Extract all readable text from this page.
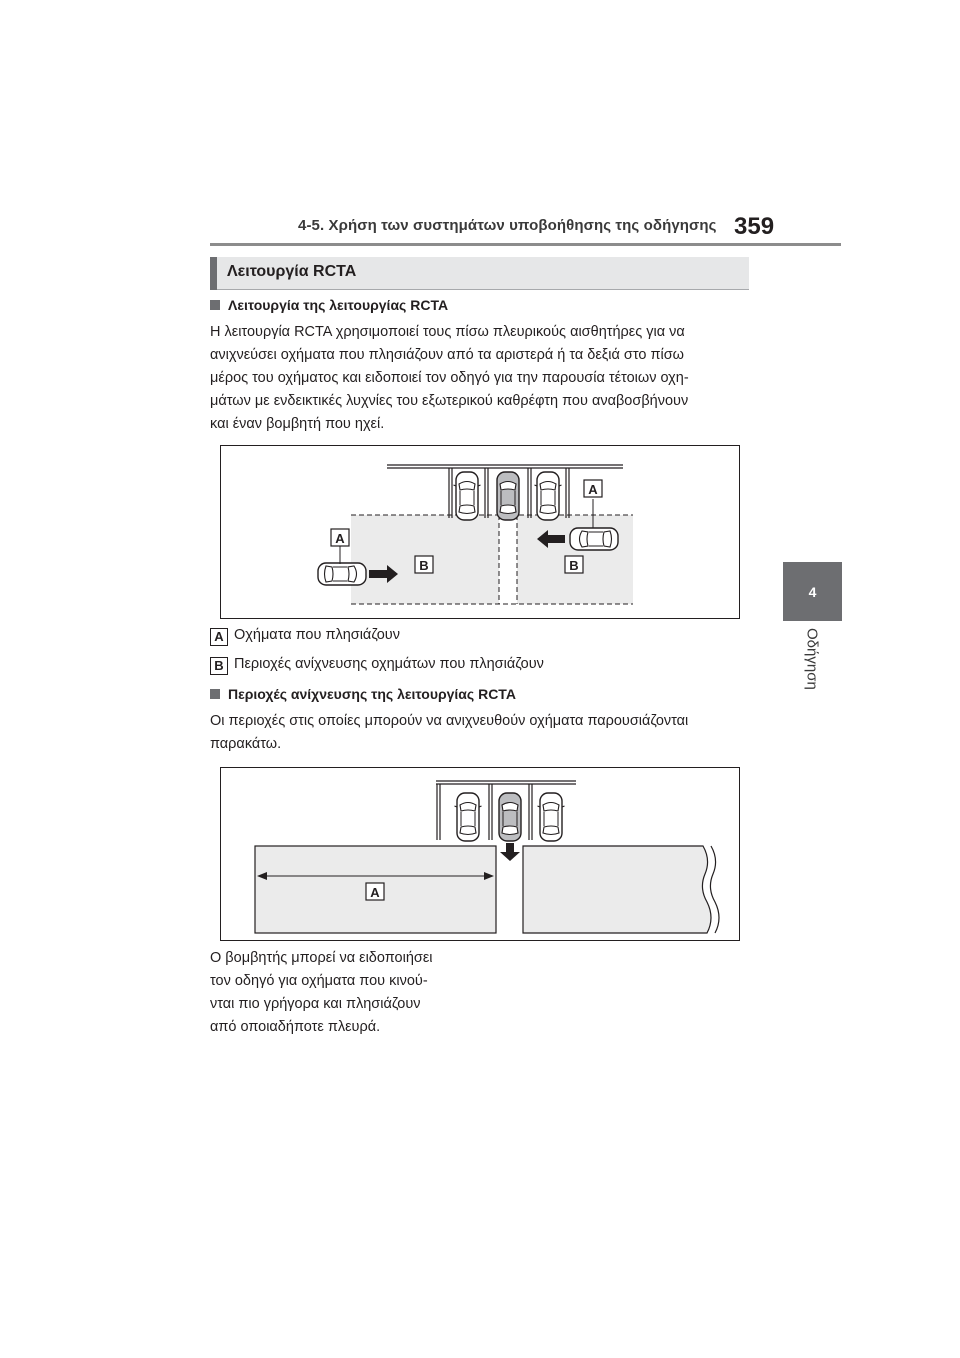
4-5. Χρήση των συστημάτων υποβοήθησης της οδήγησης 359
4
Οδήγηση
Λειτουργία RCTA
Λειτουργία της λειτουργίας RCTA
Η λειτουργία RCTA χρησιμοποιεί τους πίσω πλευρικούς αισθητήρες για να
ανιχνεύσει οχήματα που πλησιάζουν από τα αριστερά ή τα δεξιά στο πίσω
μέρος του οχήματος και ειδοποιεί τον οδηγό για την παρουσία τέτοιων οχη-
μάτων με ενδεικτικές λυχνίες του εξωτερικού καθρέφτη που αναβοσβήνουν
και έναν βομβητή που ηχεί.
A
A
B	B
A Οχήματα που πλησιάζουν
B Περιοχές ανίχνευσης οχημάτων που πλησιάζουν
Περιοχές ανίχνευσης της λειτουργίας RCTA
Οι περιοχές στις οποίες μπορούν να ανιχνευθούν οχήματα παρουσιάζονται
παρακάτω.
A
Ο βομβητής μπορεί να ειδοποιήσει
τον οδηγό για οχήματα που κινού-
νται πιο γρήγορα και πλησιάζουν
από οποιαδήποτε πλευρά.
